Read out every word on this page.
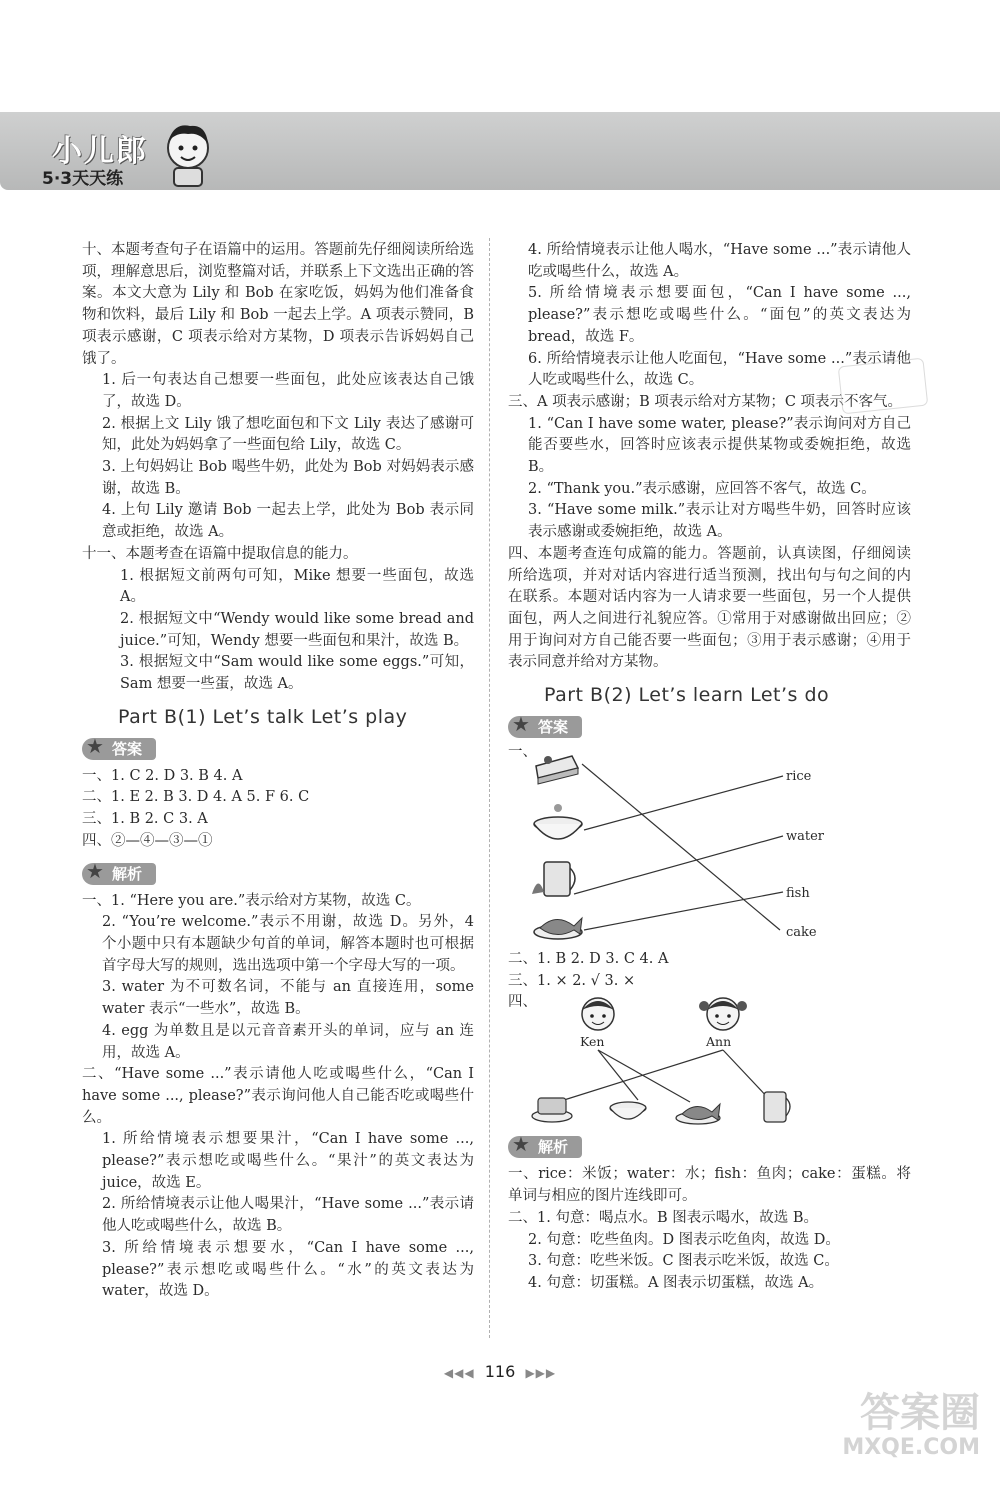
小儿郎
5·3天天练

十、本题考查句子在语篇中的运用。答题前先仔细阅读所给选项，理解意思后，浏览整篇对话，并联系上下文选出正确的答案。本文大意为 Lily 和 Bob 在家吃饭，妈妈为他们准备食物和饮料，最后 Lily 和 Bob 一起去上学。A 项表示赞同，B 项表示感谢，C 项表示给对方某物，D 项表示告诉妈妈自己饿了。

1. 后一句表达自己想要一些面包，此处应该表达自己饿了，故选 D。

2. 根据上文 Lily 饿了想吃面包和下文 Lily 表达了感谢可知，此处为妈妈拿了一些面包给 Lily，故选 C。

3. 上句妈妈让 Bob 喝些牛奶，此处为 Bob 对妈妈表示感谢，故选 B。

4. 上句 Lily 邀请 Bob 一起去上学，此处为 Bob 表示同意或拒绝，故选 A。

十一、本题考查在语篇中提取信息的能力。

1. 根据短文前两句可知，Mike 想要一些面包，故选 A。

2. 根据短文中“Wendy would like some bread and juice.”可知，Wendy 想要一些面包和果汁，故选 B。

3. 根据短文中“Sam would like some eggs.”可知，Sam 想要一些蛋，故选 A。

Part B(1) Let’s talk Let’s play
★ 答案

一、1. C 2. D 3. B 4. A

二、1. E 2. B 3. D 4. A 5. F 6. C

三、1. B 2. C 3. A

四、②—④—③—①

★ 解析

一、1. “Here you are.”表示给对方某物，故选 C。

2. “You’re welcome.”表示不用谢，故选 D。另外，4 个小题中只有本题缺少句首的单词，解答本题时也可根据首字母大写的规则，选出选项中第一个字母大写的一项。

3. water 为不可数名词，不能与 an 直接连用，some water 表示“一些水”，故选 B。

4. egg 为单数且是以元音音素开头的单词，应与 an 连用，故选 A。

二、“Have some ...”表示请他人吃或喝些什么，“Can I have some ..., please?”表示询问他人自己能否吃或喝些什么。

1. 所给情境表示想要果汁，“Can I have some ..., please?”表示想吃或喝些什么。“果汁”的英文表达为 juice，故选 E。

2. 所给情境表示让他人喝果汁，“Have some ...”表示请他人吃或喝些什么，故选 B。

3. 所给情境表示想要水，“Can I have some ..., please?”表示想吃或喝些什么。“水”的英文表达为 water，故选 D。

4. 所给情境表示让他人喝水，“Have some ...”表示请他人吃或喝些什么，故选 A。

5. 所给情境表示想要面包，“Can I have some ..., please?”表示想吃或喝些什么。“面包”的英文表达为 bread，故选 F。

6. 所给情境表示让他人吃面包，“Have some ...”表示请他人吃或喝些什么，故选 C。

三、A 项表示感谢；B 项表示给对方某物；C 项表示不客气。

1. “Can I have some water, please?”表示询问对方自己能否要些水，回答时应该表示提供某物或委婉拒绝，故选 B。

2. “Thank you.”表示感谢，应回答不客气，故选 C。

3. “Have some milk.”表示让对方喝些牛奶，回答时应该表示感谢或委婉拒绝，故选 A。

四、本题考查连句成篇的能力。答题前，认真读图，仔细阅读所给选项，并对对话内容进行适当预测，找出句与句之间的内在联系。本题对话内容为一人请求要一些面包，另一个人提供面包，两人之间进行礼貌应答。①常用于对感谢做出回应；②用于询问对方自己能否要一些面包；③用于表示感谢；④用于表示同意并给对方某物。

Part B(2) Let’s learn Let’s do
★ 答案
一、
rice
water
fish
cake

二、1. B 2. D 3. C 4. A

三、1. × 2. √ 3. ×

四、
Ken	Ann
★ 解析

一、rice：米饭；water：水；fish：鱼肉；cake：蛋糕。将单词与相应的图片连线即可。

二、1. 句意：喝点水。B 图表示喝水，故选 B。

2. 句意：吃些鱼肉。D 图表示吃鱼肉，故选 D。

3. 句意：吃些米饭。C 图表示吃米饭，故选 C。

4. 句意：切蛋糕。A 图表示切蛋糕，故选 A。

◀◀◀ 116 ▶▶▶
答案圈
MXQE.COM
